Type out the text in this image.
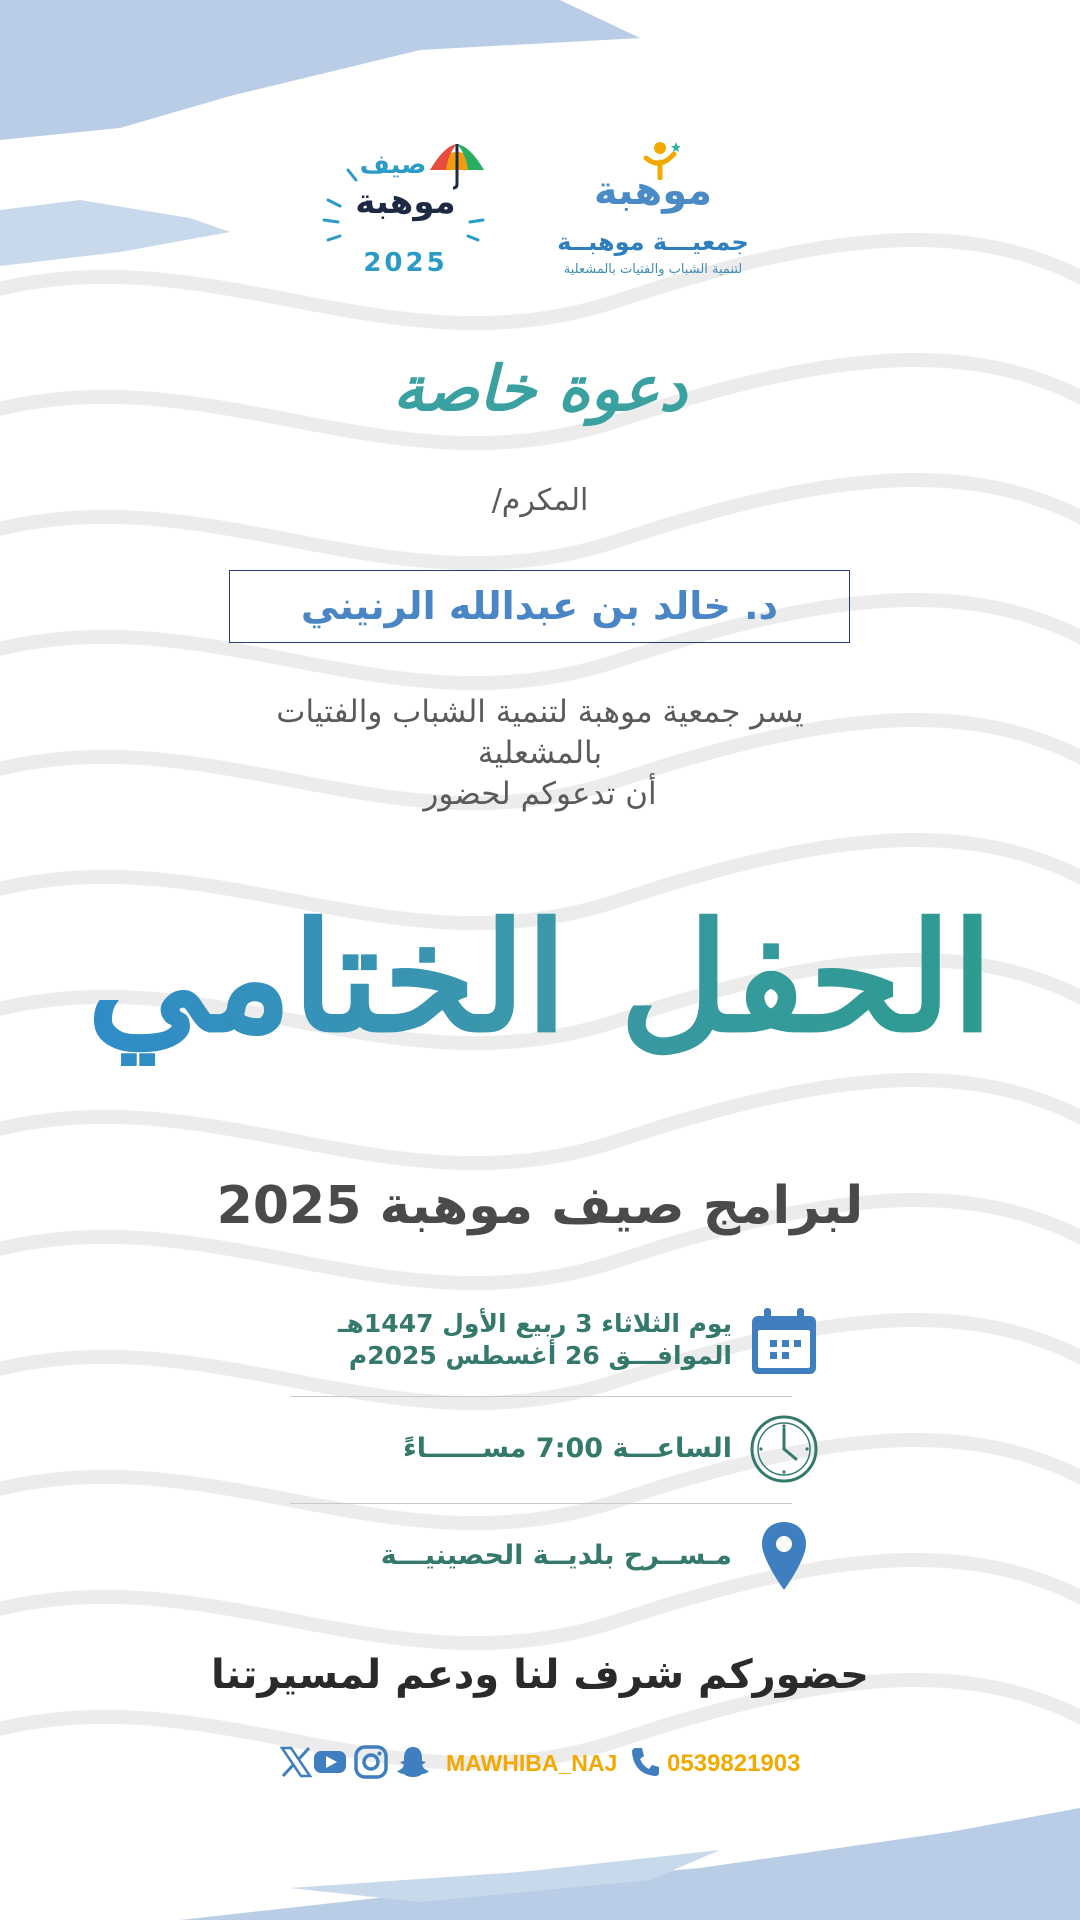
صيف
موهبة
2025
موهبة
جمعيـــة موهبــة
لتنمية الشباب والفتيات بالمشعلية
دعوة خاصة
المكرم/
د. خالد بن عبدالله الرنيني
يسر جمعية موهبة لتنمية الشباب والفتيات
بالمشعلية
أن تدعوكم لحضور
الحفل الختامي
لبرامج صيف موهبة 2025
يوم الثلاثاء 3 ربيع الأول 1447هـ
الموافـــق 26 أغسطس 2025م
الساعـــة 7:00 مســــــاءً
مـســرح بلديــة الحصينيـــة
حضوركم شرف لنا ودعم لمسيرتنا
0539821903
MAWHIBA_NAJ
